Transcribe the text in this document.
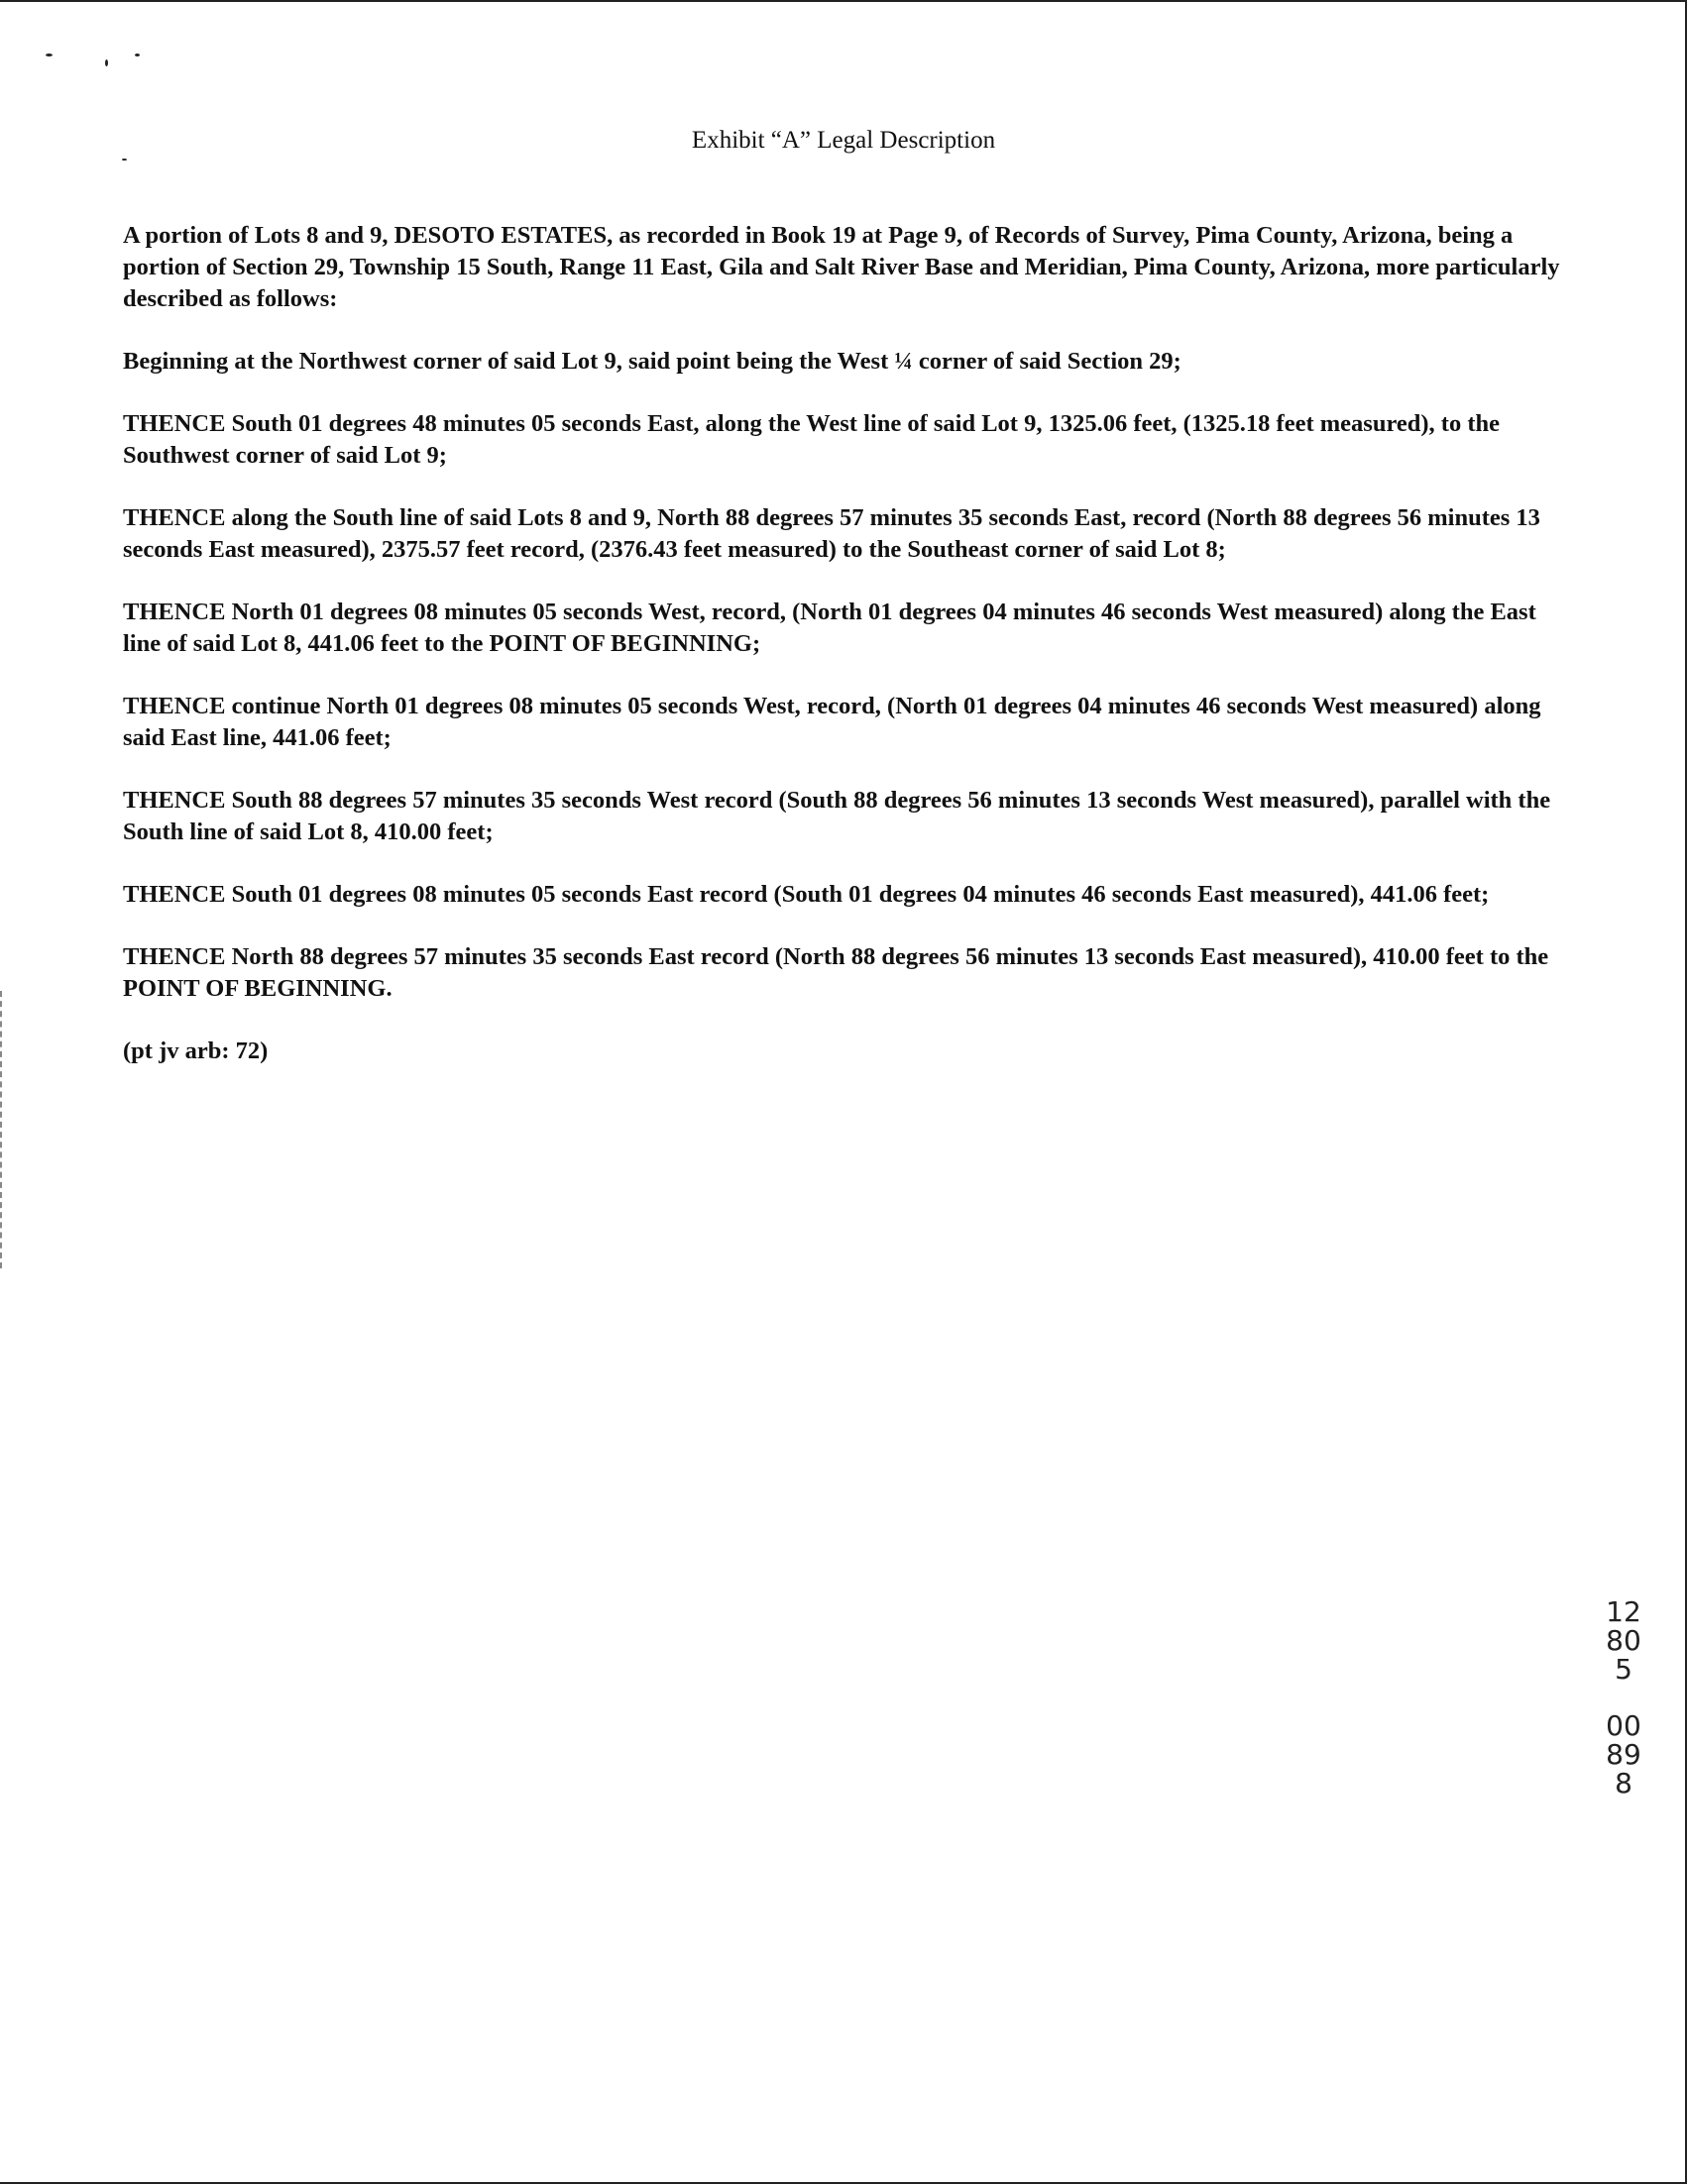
Exhibit “A” Legal Description

A portion of Lots 8 and 9, DESOTO ESTATES, as recorded in Book 19 at Page 9, of Records of Survey, Pima County, Arizona, being a portion of Section 29, Township 15 South, Range 11 East, Gila and Salt River Base and Meridian, Pima County, Arizona, more particularly described as follows:

Beginning at the Northwest corner of said Lot 9, said point being the West ¼ corner of said Section 29;

THENCE South 01 degrees 48 minutes 05 seconds East, along the West line of said Lot 9, 1325.06 feet, (1325.18 feet measured), to the Southwest corner of said Lot 9;

THENCE along the South line of said Lots 8 and 9, North 88 degrees 57 minutes 35 seconds East, record (North 88 degrees 56 minutes 13 seconds East measured), 2375.57 feet record, (2376.43 feet measured) to the Southeast corner of said Lot 8;

THENCE North 01 degrees 08 minutes 05 seconds West, record, (North 01 degrees 04 minutes 46 seconds West measured) along the East line of said Lot 8, 441.06 feet to the POINT OF BEGINNING;

THENCE continue North 01 degrees 08 minutes 05 seconds West, record, (North 01 degrees 04 minutes 46 seconds West measured) along said East line, 441.06 feet;

THENCE South 88 degrees 57 minutes 35 seconds West record (South 88 degrees 56 minutes 13 seconds West measured), parallel with the South line of said Lot 8, 410.00 feet;

THENCE South 01 degrees 08 minutes 05 seconds East record (South 01 degrees 04 minutes 46 seconds East measured), 441.06 feet;

THENCE North 88 degrees 57 minutes 35 seconds East record (North 88 degrees 56 minutes 13 seconds East measured), 410.00 feet to the POINT OF BEGINNING.

(pt jv arb: 72)

12805
00898
